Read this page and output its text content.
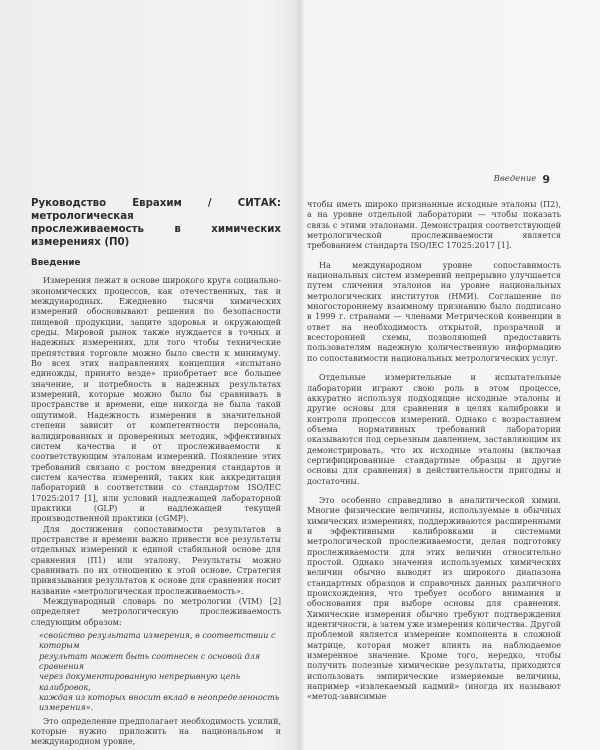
Введение 9
Руководство Еврахим / СИТАК: метрологическая
прослеживаемость в химических измерениях (П0)
Введение

Измерения лежат в основе широкого круга социально-экономических процессов, как отечественных, так и международных. Ежедневно тысячи химических измерений обосновывают решения по безопасности пищевой продукции, защите здоровья и окружающей среды. Мировой рынок также нуждается в точных и надежных измерениях, для того чтобы технические препятствия торговле можно было свести к минимуму. Во всех этих направлениях концепция «испытано единожды, принято везде» приобретает все большее значение, и потребность в надежных результатах измерений, которые можно было бы сравнивать в пространстве и времени, еще никогда не была такой ощутимой. Надежность измерения в значительной степени зависит от компетентности персонала, валидированных и проверенных методик, эффективных систем качества и от прослеживаемости к соответствующим эталонам измерений. Появление этих требований связано с ростом внедрения стандартов и систем качества измерений, таких как аккредитация лабораторий в соответствии со стандартом ISO/IEC 17025:2017 [1], или условий надлежащей лабораторной практики (GLP) и надлежащей текущей производственной практики (cGMP).

Для достижения сопоставимости результатов в пространстве и времени важно привести все результаты отдельных измерений к единой стабильной основе для сравнения (П1) или эталону. Результаты можно сравнивать по их отношению к этой основе. Стратегия привязывания результатов к основе для сравнения носит название «метрологическая прослеживаемость».

Международный словарь по метрологии (VIM) [2] определяет метрологическую прослеживаемость следующим образом:

«свойство результата измерения, в соответствии с которым
результат может быть соотнесен с основой для сравнения
через документированную непрерывную цепь калибровок,
каждая из которых вносит вклад в неопределенность измерения».

Это определение предполагает необходимость усилий, которые нужно приложить на национальном и международном уровне,

чтобы иметь широко признанные исходные эталоны (П2), а на уровне отдельной лаборатории — чтобы показать связь с этими эталонами. Демонстрация соответствующей метрологической прослеживаемости является требованием стандарта ISO/IEC 17025:2017 [1].

На международном уровне сопоставимость национальных систем измерений непрерывно улучшается путем сличения эталонов на уровне национальных метрологических институтов (НМИ). Соглашение по многостороннему взаимному признанию было подписано в 1999 г. странами — членами Метрической конвенции в ответ на необходимость открытой, прозрачной и всесторонней схемы, позволяющей предоставить пользователям надежную количественную информацию по сопоставимости национальных метрологических услуг.

Отдельные измерительные и испытательные лаборатории играют свою роль в этом процессе, аккуратно используя подходящие исходные эталоны и другие основы для сравнения в целях калибровки и контроля процессов измерений. Однако с возрастанием объема нормативных требований лаборатории оказываются под серьезным давлением, заставляющим их демонстрировать, что их исходные эталоны (включая сертифицированные стандартные образцы и другие основы для сравнения) в действительности пригодны и достаточны.

Это особенно справедливо в аналитической химии. Многие физические величины, используемые в обычных химических измерениях, поддерживаются расширенными и эффективными калибровками и системами метрологической прослеживаемости, делая подготовку прослеживаемости для этих величин относительно простой. Однако значения используемых химических величин обычно выводят из широкого диапазона стандартных образцов и справочных данных различного происхождения, что требует особого внимания и обоснования при выборе основы для сравнения. Химические измерения обычно требуют подтверждения идентичности, а затем уже измерения количества. Другой проблемой является измерение компонента в сложной матрице, которая может влиять на наблюдаемое измеренное значение. Кроме того, нередко, чтобы получить полезные химические результаты, приходится использовать эмпирические измеряемые величины, например «извлекаемый кадмий» (иногда их называют «метод-зависимые
